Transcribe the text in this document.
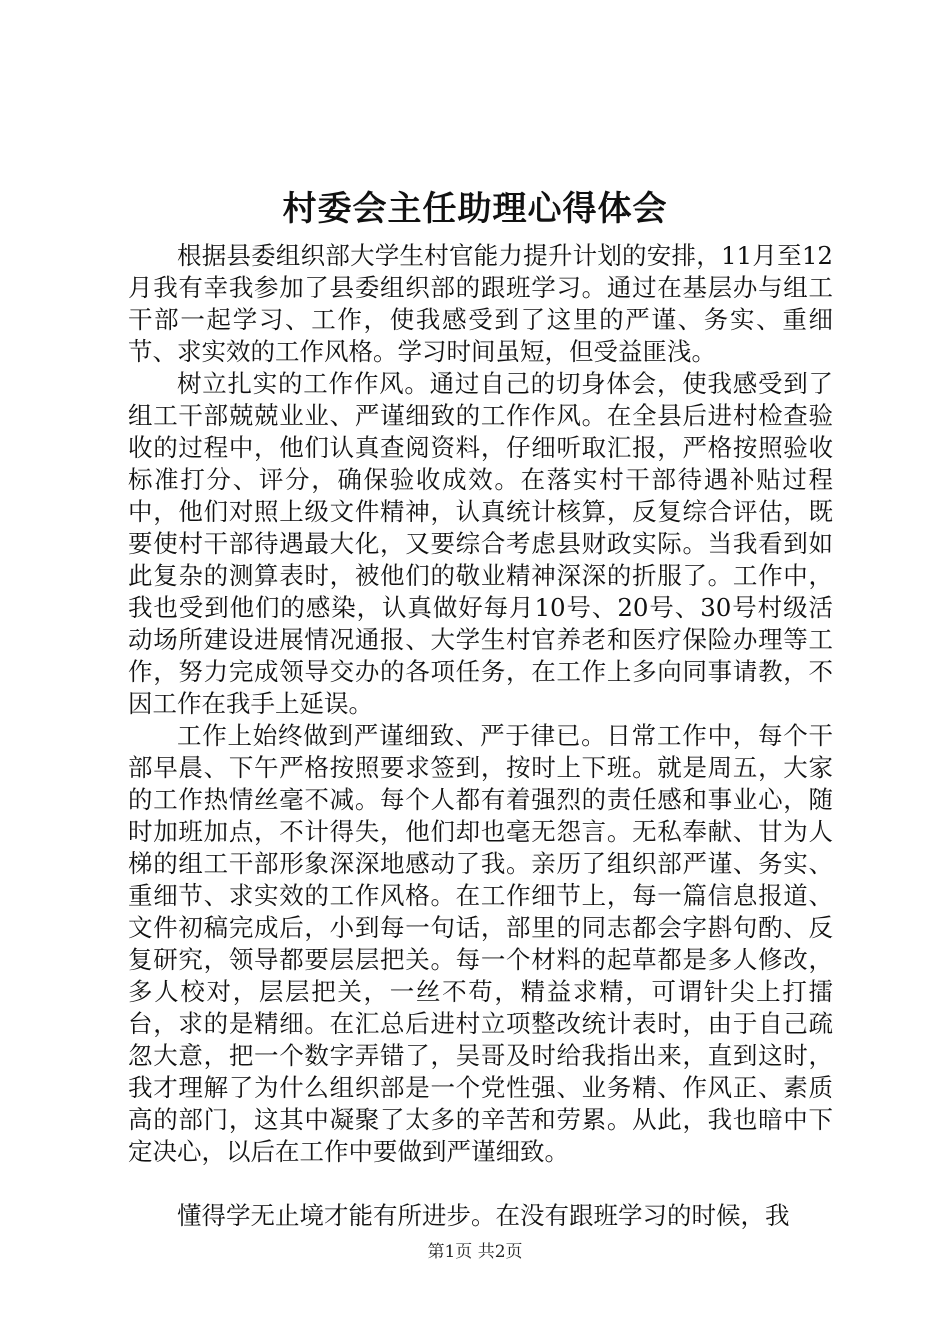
村委会主任助理心得体会

根据县委组织部大学生村官能力提升计划的安排，11月至12月我有幸我参加了县委组织部的跟班学习。通过在基层办与组工干部一起学习、工作，使我感受到了这里的严谨、务实、重细节、求实效的工作风格。学习时间虽短，但受益匪浅。

树立扎实的工作作风。通过自己的切身体会，使我感受到了组工干部兢兢业业、严谨细致的工作作风。在全县后进村检查验收的过程中，他们认真查阅资料，仔细听取汇报，严格按照验收标准打分、评分，确保验收成效。在落实村干部待遇补贴过程中，他们对照上级文件精神，认真统计核算，反复综合评估，既要使村干部待遇最大化，又要综合考虑县财政实际。当我看到如此复杂的测算表时，被他们的敬业精神深深的折服了。工作中，我也受到他们的感染，认真做好每月10号、20号、30号村级活动场所建设进展情况通报、大学生村官养老和医疗保险办理等工作，努力完成领导交办的各项任务，在工作上多向同事请教，不因工作在我手上延误。

工作上始终做到严谨细致、严于律已。日常工作中，每个干部早晨、下午严格按照要求签到，按时上下班。就是周五，大家的工作热情丝毫不减。每个人都有着强烈的责任感和事业心，随时加班加点，不计得失，他们却也毫无怨言。无私奉献、甘为人梯的组工干部形象深深地感动了我。亲历了组织部严谨、务实、重细节、求实效的工作风格。在工作细节上，每一篇信息报道、文件初稿完成后，小到每一句话，部里的同志都会字斟句酌、反复研究，领导都要层层把关。每一个材料的起草都是多人修改，多人校对，层层把关，一丝不苟，精益求精，可谓针尖上打擂台，求的是精细。在汇总后进村立项整改统计表时，由于自己疏忽大意，把一个数字弄错了，吴哥及时给我指出来，直到这时，我才理解了为什么组织部是一个党性强、业务精、作风正、素质高的部门，这其中凝聚了太多的辛苦和劳累。从此，我也暗中下定决心，以后在工作中要做到严谨细致。

懂得学无止境才能有所进步。在没有跟班学习的时候，我

第1页 共2页
